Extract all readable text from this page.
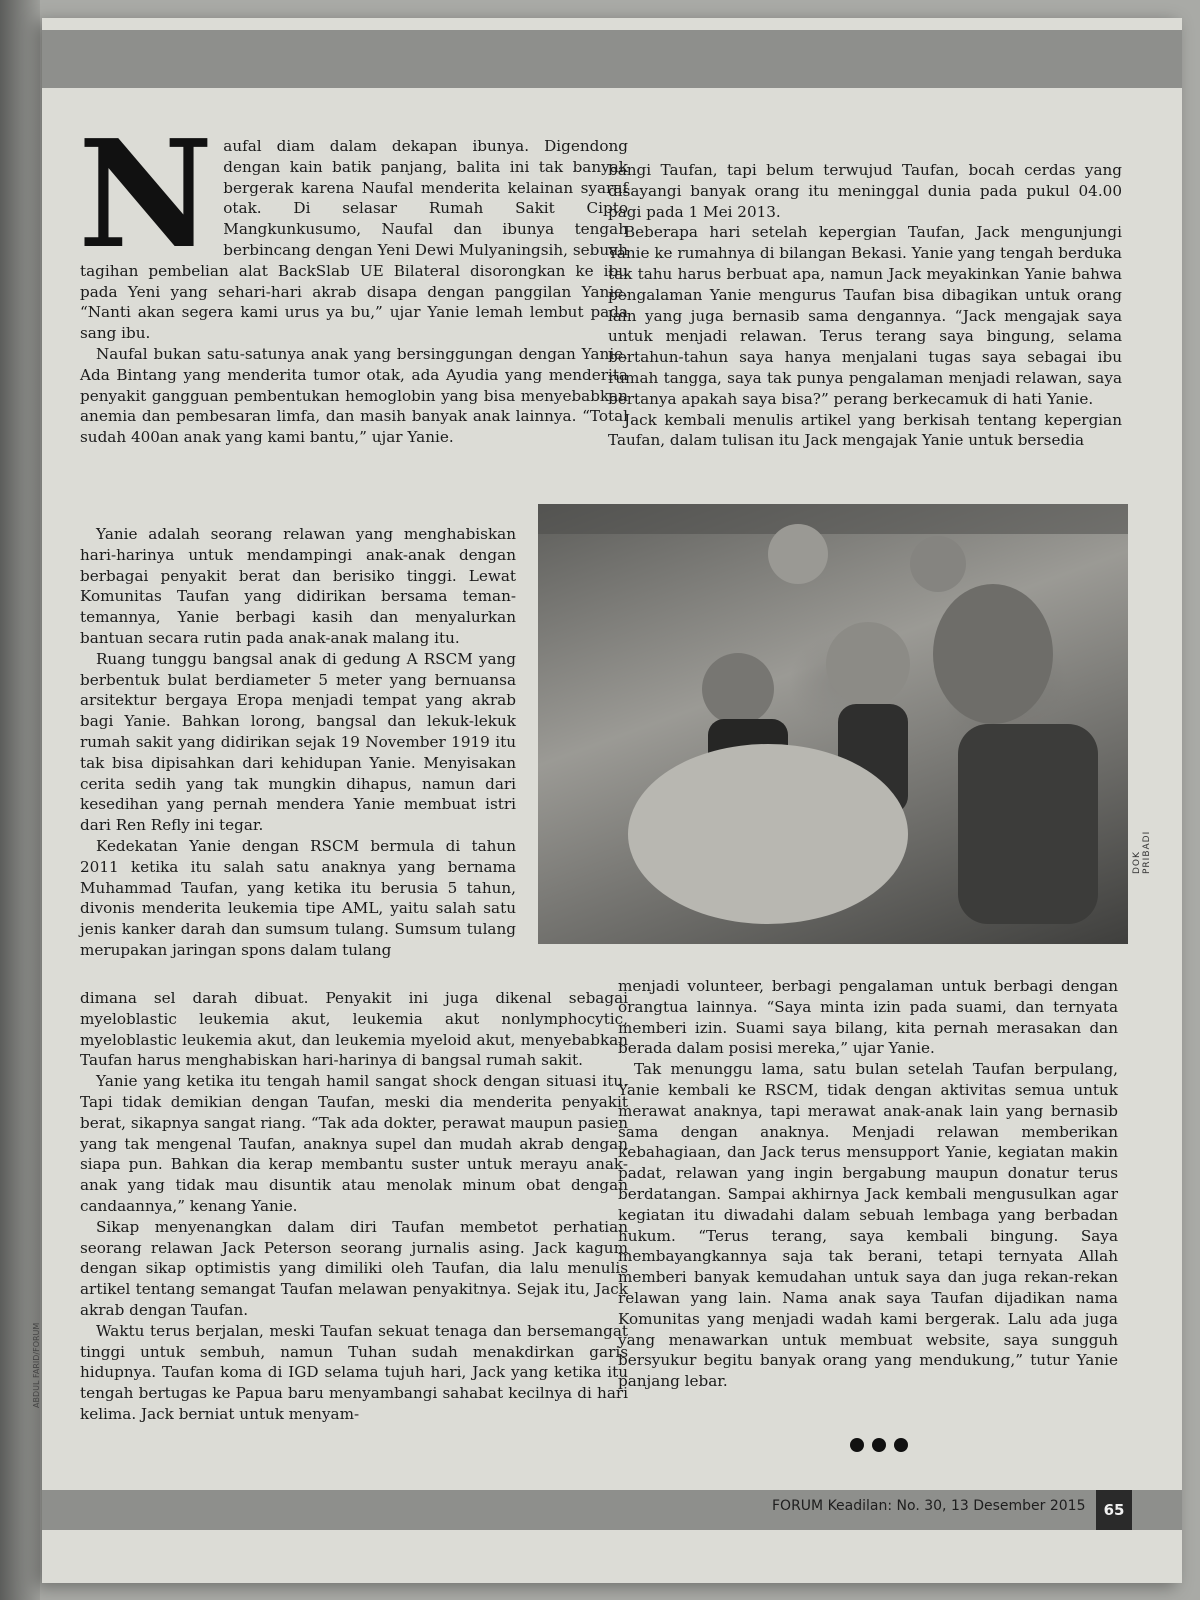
N aufal diam dalam dekapan ibunya. Digendong dengan kain batik panjang, balita ini tak banyak bergerak karena Naufal menderita kelainan syaraf otak. Di selasar Rumah Sakit Cipto Mangkunkusumo, Naufal dan ibunya tengah berbincang dengan Yeni Dewi Mulyaningsih, sebuah tagihan pembelian alat BackSlab UE Bilateral disorongkan ke ibu pada Yeni yang sehari-hari akrab disapa dengan panggilan Yanie. “Nanti akan segera kami urus ya bu,” ujar Yanie lemah lembut pada sang ibu.

Naufal bukan satu-satunya anak yang bersinggungan dengan Yanie. Ada Bintang yang menderita tumor otak, ada Ayudia yang menderita penyakit gangguan pembentukan hemoglobin yang bisa menyebabkan anemia dan pembesaran limfa, dan masih banyak anak lainnya. “Total sudah 400an anak yang kami bantu,” ujar Yanie.

Yanie adalah seorang relawan yang menghabiskan hari-harinya untuk mendampingi anak-anak dengan berbagai penyakit berat dan berisiko tinggi. Lewat Komunitas Taufan yang didirikan bersama teman-temannya, Yanie berbagi kasih dan menyalurkan bantuan secara rutin pada anak-anak malang itu.

Ruang tunggu bangsal anak di gedung A RSCM yang berbentuk bulat berdiameter 5 meter yang bernuansa arsitektur bergaya Eropa menjadi tempat yang akrab bagi Yanie. Bahkan lorong, bangsal dan lekuk-lekuk rumah sakit yang didirikan sejak 19 November 1919 itu tak bisa dipisahkan dari kehidupan Yanie. Menyisakan cerita sedih yang tak mungkin dihapus, namun dari kesedihan yang pernah mendera Yanie membuat istri dari Ren Refly ini tegar.

Kedekatan Yanie dengan RSCM bermula di tahun 2011 ketika itu salah satu anaknya yang bernama Muhammad Taufan, yang ketika itu berusia 5 tahun, divonis menderita leukemia tipe AML, yaitu salah satu jenis kanker darah dan sumsum tulang. Sumsum tulang merupakan jaringan spons dalam tulang

dimana sel darah dibuat. Penyakit ini juga dikenal sebagai myeloblastic leukemia akut, leukemia akut nonlymphocytic, myeloblastic leukemia akut, dan leukemia myeloid akut, menyebabkan Taufan harus menghabiskan hari-harinya di bangsal rumah sakit.

Yanie yang ketika itu tengah hamil sangat shock dengan situasi itu. Tapi tidak demikian dengan Taufan, meski dia menderita penyakit berat, sikapnya sangat riang. “Tak ada dokter, perawat maupun pasien yang tak mengenal Taufan, anaknya supel dan mudah akrab dengan siapa pun. Bahkan dia kerap membantu suster untuk merayu anak-anak yang tidak mau disuntik atau menolak minum obat dengan candaannya,” kenang Yanie.

Sikap menyenangkan dalam diri Taufan membetot perhatian seorang relawan Jack Peterson seorang jurnalis asing. Jack kagum dengan sikap optimistis yang dimiliki oleh Taufan, dia lalu menulis artikel tentang semangat Taufan melawan penyakitnya. Sejak itu, Jack akrab dengan Taufan.

Waktu terus berjalan, meski Taufan sekuat tenaga dan bersemangat tinggi untuk sembuh, namun Tuhan sudah menakdirkan garis hidupnya. Taufan koma di IGD selama tujuh hari, Jack yang ketika itu tengah bertugas ke Papua baru menyambangi sahabat kecilnya di hari kelima. Jack berniat untuk menyam-

bangi Taufan, tapi belum terwujud Taufan, bocah cerdas yang disayangi banyak orang itu meninggal dunia pada pukul 04.00 pagi pada 1 Mei 2013.

Beberapa hari setelah kepergian Taufan, Jack mengunjungi Yanie ke rumahnya di bilangan Bekasi. Yanie yang tengah berduka tak tahu harus berbuat apa, namun Jack meyakinkan Yanie bahwa pengalaman Yanie mengurus Taufan bisa dibagikan untuk orang lain yang juga bernasib sama dengannya. “Jack mengajak saya untuk menjadi relawan. Terus terang saya bingung, selama bertahun-tahun saya hanya menjalani tugas saya sebagai ibu rumah tangga, saya tak punya pengalaman menjadi relawan, saya bertanya apakah saya bisa?” perang berkecamuk di hati Yanie.

Jack kembali menulis artikel yang berkisah tentang kepergian Taufan, dalam tulisan itu Jack mengajak Yanie untuk bersedia

DOK PRIBADI

menjadi volunteer, berbagi pengalaman untuk berbagi dengan orangtua lainnya. “Saya minta izin pada suami, dan ternyata memberi izin. Suami saya bilang, kita pernah merasakan dan berada dalam posisi mereka,” ujar Yanie.

Tak menunggu lama, satu bulan setelah Taufan berpulang, Yanie kembali ke RSCM, tidak dengan aktivitas semua untuk merawat anaknya, tapi merawat anak-anak lain yang bernasib sama dengan anaknya. Menjadi relawan memberikan kebahagiaan, dan Jack terus mensupport Yanie, kegiatan makin padat, relawan yang ingin bergabung maupun donatur terus berdatangan. Sampai akhirnya Jack kembali mengusulkan agar kegiatan itu diwadahi dalam sebuah lembaga yang berbadan hukum. “Terus terang, saya kembali bingung. Saya membayangkannya saja tak berani, tetapi ternyata Allah memberi banyak kemudahan untuk saya dan juga rekan-rekan relawan yang lain. Nama anak saya Taufan dijadikan nama Komunitas yang menjadi wadah kami bergerak. Lalu ada juga yang menawarkan untuk membuat website, saya sungguh bersyukur begitu banyak orang yang mendukung,” tutur Yanie panjang lebar.

ABDUL FARID/FORUM
FORUM Keadilan: No. 30, 13 Desember 2015	65
